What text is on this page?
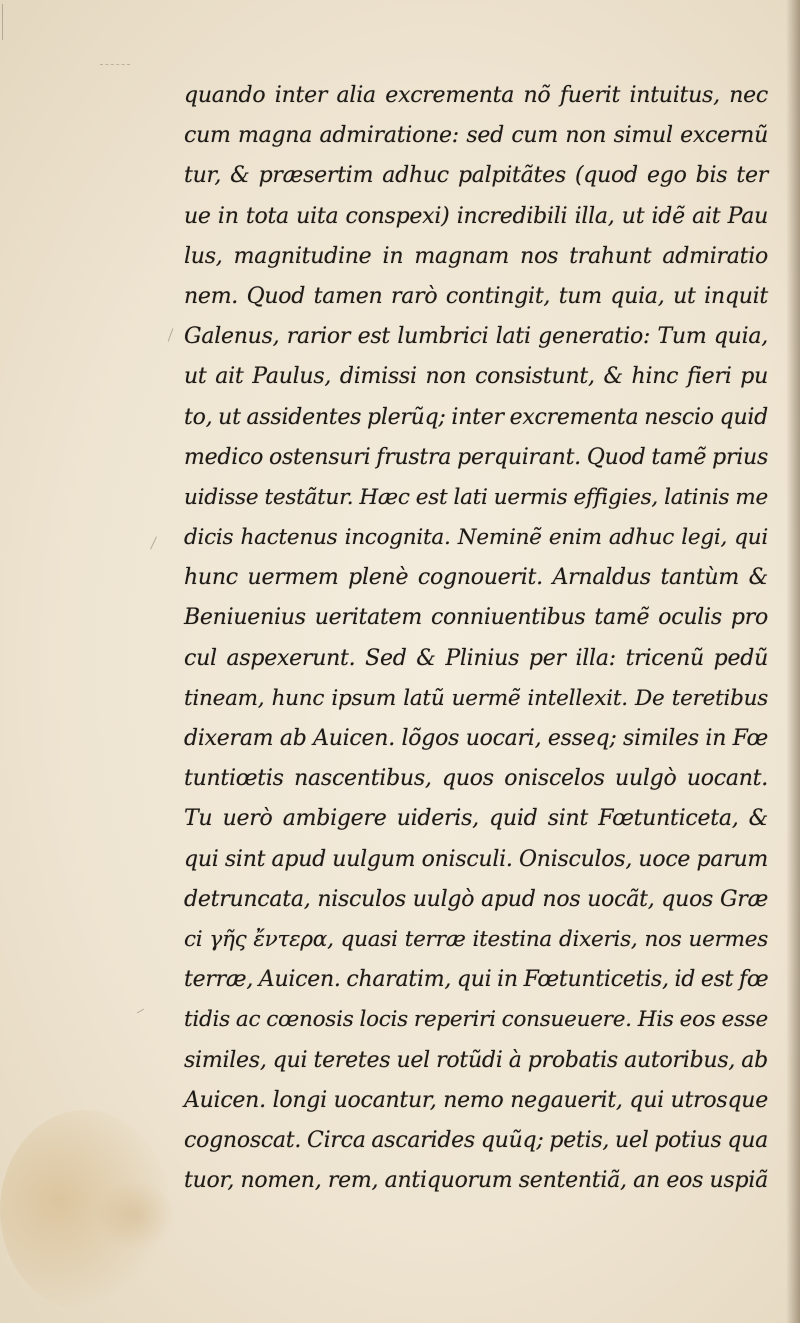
quando inter alia excrementa nõ fuerit intuitus, nec
cum magna admiratione: sed cum non simul excernũ
tur, & præsertim adhuc palpitãtes (quod ego bis ter
ue in tota uita conspexi) incredibili illa, ut idẽ ait Pau
lus, magnitudine in magnam nos trahunt admiratio
nem. Quod tamen rarò contingit, tum quia, ut inquit
Galenus, rarior est lumbrici lati generatio: Tum quia,
ut ait Paulus, dimissi non consistunt, & hinc fieri pu
to, ut assidentes plerũq; inter excrementa nescio quid
medico ostensuri frustra perquirant. Quod tamẽ prius
uidisse testãtur. Hæc est lati uermis effigies, latinis me
dicis hactenus incognita. Neminẽ enim adhuc legi, qui
hunc uermem plenè cognouerit. Arnaldus tantùm &
Beniuenius ueritatem conniuentibus tamẽ oculis pro
cul aspexerunt. Sed & Plinius per illa: tricenũ pedũ
tineam, hunc ipsum latũ uermẽ intellexit. De teretibus
dixeram ab Auicen. lõgos uocari, esseq; similes in Fœ
tuntiœtis nascentibus, quos oniscelos uulgò uocant.
Tu uerò ambigere uideris, quid sint Fœtunticeta, &
qui sint apud uulgum onisculi. Onisculos, uoce parum
detruncata, nisculos uulgò apud nos uocãt, quos Græ
ci γῆς ἔντερα, quasi terræ itestina dixeris, nos uermes
terræ, Auicen. charatim, qui in Fœtunticetis, id est fœ
tidis ac cœnosis locis reperiri consueuere. His eos esse
similes, qui teretes uel rotũdi à probatis autoribus, ab
Auicen. longi uocantur, nemo negauerit, qui utrosque
cognoscat. Circa ascarides quũq; petis, uel potius qua
tuor, nomen, rem, antiquorum sententiã, an eos uspiã
